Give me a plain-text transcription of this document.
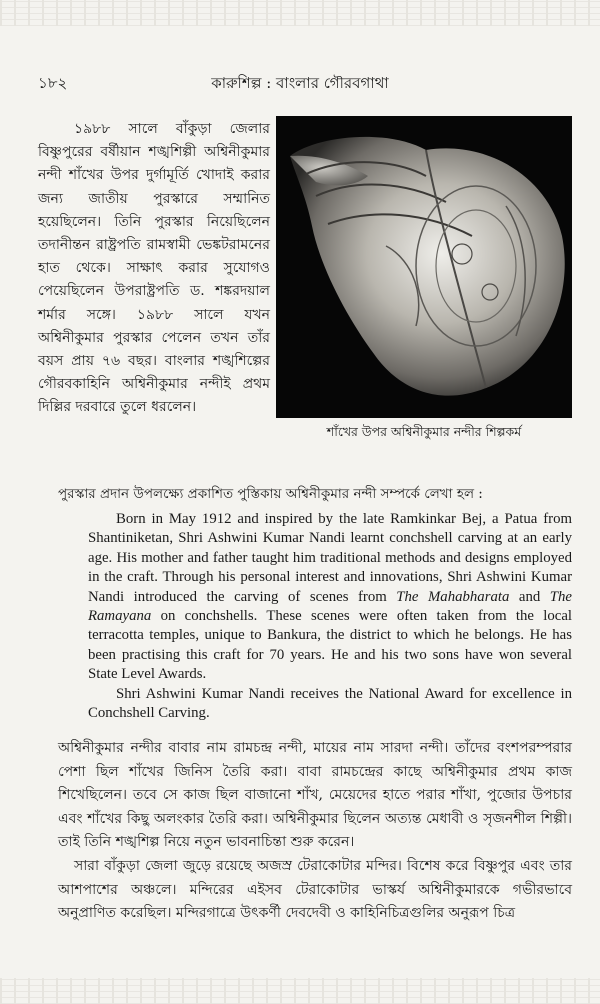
১৮২	কারুশিল্প : বাংলার গৌরবগাথা

১৯৮৮ সালে বাঁকুড়া জেলার বিষ্ণুপুরের বর্ষীয়ান শঙ্খশিল্পী অশ্বিনীকুমার নন্দী শাঁখের উপর দুর্গামূর্তি খোদাই করার জন্য জাতীয় পুরস্কারে সম্মানিত হয়েছিলেন। তিনি পুরস্কার নিয়েছিলেন তদানীন্তন রাষ্ট্রপতি রামস্বামী ভেঙ্কটরামনের হাত থেকে। সাক্ষাৎ করার সুযোগও পেয়েছিলেন উপরাষ্ট্রপতি ড. শঙ্করদয়াল শর্মার সঙ্গে। ১৯৮৮ সালে যখন অশ্বিনীকুমার পুরস্কার পেলেন তখন তাঁর বয়স প্রায় ৭৬ বছর। বাংলার শঙ্খশিল্পের গৌরবকাহিনি অশ্বিনীকুমার নন্দীই প্রথম দিল্লির দরবারে তুলে ধরলেন।

শাঁখের উপর অশ্বিনীকুমার নন্দীর শিল্পকর্ম
পুরস্কার প্রদান উপলক্ষ্যে প্রকাশিত পুস্তিকায় অশ্বিনীকুমার নন্দী সম্পর্কে লেখা হল :

Born in May 1912 and inspired by the late Ramkinkar Bej, a Patua from Shantiniketan, Shri Ashwini Kumar Nandi learnt conchshell carving at an early age. His mother and father taught him traditional methods and designs employed in the craft. Through his personal interest and innovations, Shri Ashwini Kumar Nandi introduced the carving of scenes from The Mahabharata and The Ramayana on conchshells. These scenes were often taken from the local terracotta temples, unique to Bankura, the district to which he belongs. He has been practising this craft for 70 years. He and his two sons have won several State Level Awards.

Shri Ashwini Kumar Nandi receives the National Award for excellence in Conchshell Carving.

অশ্বিনীকুমার নন্দীর বাবার নাম রামচন্দ্র নন্দী, মায়ের নাম সারদা নন্দী। তাঁদের বংশপরম্পরার পেশা ছিল শাঁখের জিনিস তৈরি করা। বাবা রামচন্দ্রের কাছে অশ্বিনীকুমার প্রথম কাজ শিখেছিলেন। তবে সে কাজ ছিল বাজানো শাঁখ, মেয়েদের হাতে পরার শাঁখা, পুজোর উপচার এবং শাঁখের কিছু অলংকার তৈরি করা। অশ্বিনীকুমার ছিলেন অত্যন্ত মেধাবী ও সৃজনশীল শিল্পী। তাই তিনি শঙ্খশিল্প নিয়ে নতুন ভাবনাচিন্তা শুরু করেন।

সারা বাঁকুড়া জেলা জুড়ে রয়েছে অজস্র টেরাকোটার মন্দির। বিশেষ করে বিষ্ণুপুর এবং তার আশপাশের অঞ্চলে। মন্দিরের এইসব টেরাকোটার ভাস্কর্য অশ্বিনীকুমারকে গভীরভাবে অনুপ্রাণিত করেছিল। মন্দিরগাত্রে উৎকর্ণী দেবদেবী ও কাহিনিচিত্রগুলির অনুরূপ চিত্র
